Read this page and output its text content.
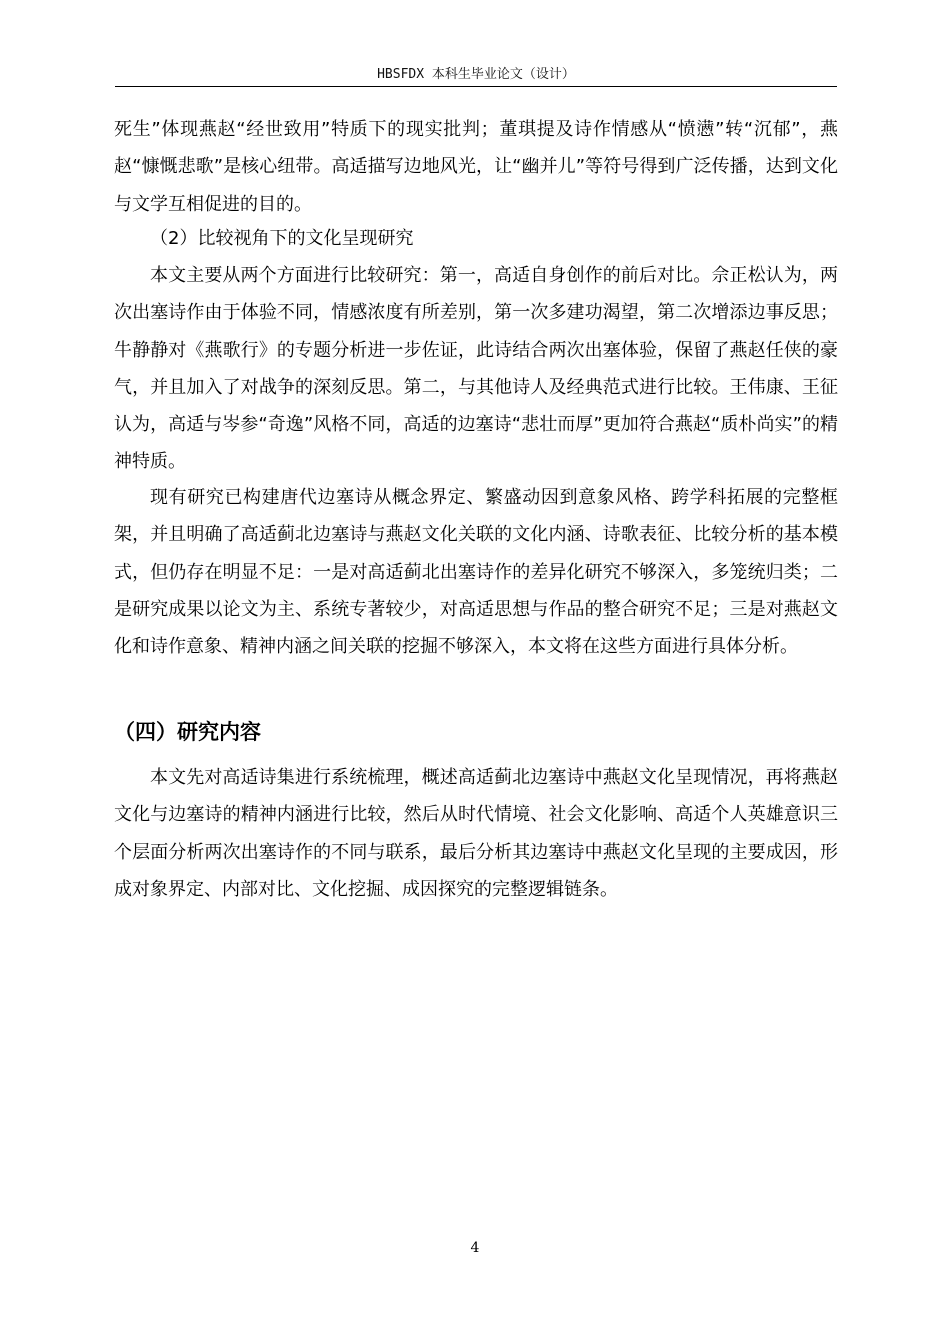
HBSFDX 本科生毕业论文（设计）

死生”体现燕赵“经世致用”特质下的现实批判；董琪提及诗作情感从“愤懑”转“沉郁”，燕赵“慷慨悲歌”是核心纽带。高适描写边地风光，让“幽并儿”等符号得到广泛传播，达到文化与文学互相促进的目的。

（2）比较视角下的文化呈现研究

本文主要从两个方面进行比较研究：第一，高适自身创作的前后对比。佘正松认为，两次出塞诗作由于体验不同，情感浓度有所差别，第一次多建功渴望，第二次增添边事反思；牛静静对《燕歌行》的专题分析进一步佐证，此诗结合两次出塞体验，保留了燕赵任侠的豪气，并且加入了对战争的深刻反思。第二，与其他诗人及经典范式进行比较。王伟康、王征认为，高适与岑参“奇逸”风格不同，高适的边塞诗“悲壮而厚”更加符合燕赵“质朴尚实”的精神特质。

现有研究已构建唐代边塞诗从概念界定、繁盛动因到意象风格、跨学科拓展的完整框架，并且明确了高适蓟北边塞诗与燕赵文化关联的文化内涵、诗歌表征、比较分析的基本模式，但仍存在明显不足：一是对高适蓟北出塞诗作的差异化研究不够深入，多笼统归类；二是研究成果以论文为主、系统专著较少，对高适思想与作品的整合研究不足；三是对燕赵文化和诗作意象、精神内涵之间关联的挖掘不够深入，本文将在这些方面进行具体分析。

（四）研究内容

本文先对高适诗集进行系统梳理，概述高适蓟北边塞诗中燕赵文化呈现情况，再将燕赵文化与边塞诗的精神内涵进行比较，然后从时代情境、社会文化影响、高适个人英雄意识三个层面分析两次出塞诗作的不同与联系，最后分析其边塞诗中燕赵文化呈现的主要成因，形成对象界定、内部对比、文化挖掘、成因探究的完整逻辑链条。

4
